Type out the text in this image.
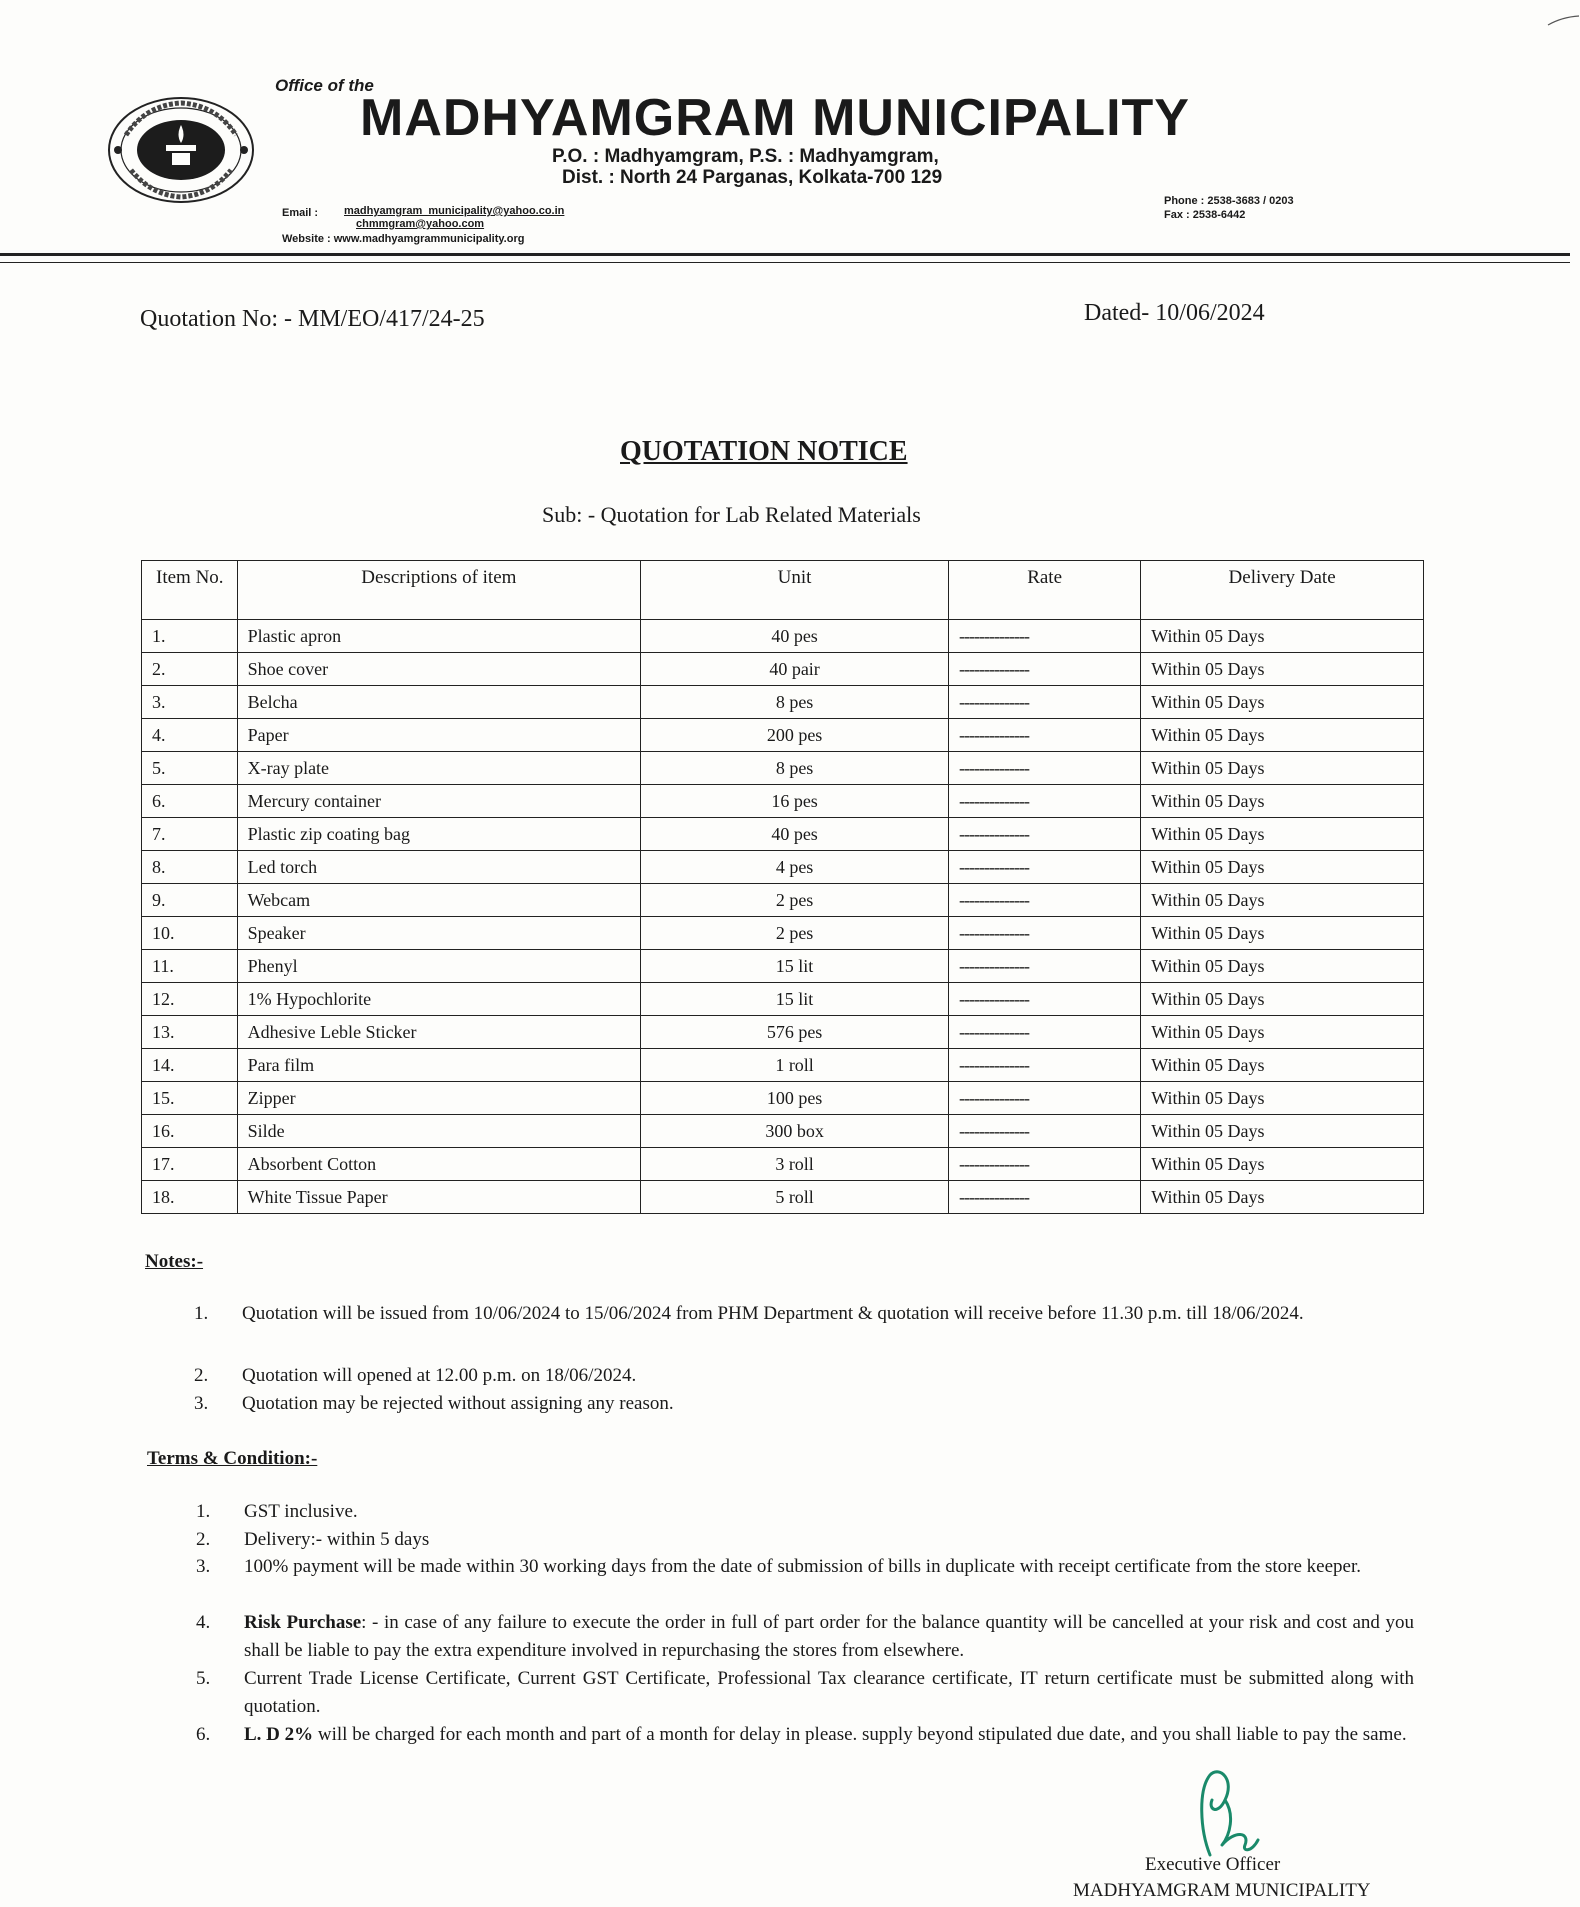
Office of the
MADHYAMGRAM MUNICIPALITY
P.O. : Madhyamgram, P.S. : Madhyamgram,
Dist. : North 24 Parganas, Kolkata-700 129
Email : madhyamgram_municipality@yahoo.co.in
chmmgram@yahoo.com
Website : www.madhyamgrammunicipality.org
Phone : 2538-3683 / 0203
Fax : 2538-6442
Quotation No: - MM/EO/417/24-25	Dated- 10/06/2024
QUOTATION NOTICE
Sub: - Quotation for Lab Related Materials
Item No.	Descriptions of item	Unit	Rate	Delivery Date
1.	Plastic apron	40 pes	--------------	Within 05 Days
2.	Shoe cover	40 pair	--------------	Within 05 Days
3.	Belcha	8 pes	--------------	Within 05 Days
4.	Paper	200 pes	--------------	Within 05 Days
5.	X-ray plate	8 pes	--------------	Within 05 Days
6.	Mercury container	16 pes	--------------	Within 05 Days
7.	Plastic zip coating bag	40 pes	--------------	Within 05 Days
8.	Led torch	4 pes	--------------	Within 05 Days
9.	Webcam	2 pes	--------------	Within 05 Days
10.	Speaker	2 pes	--------------	Within 05 Days
11.	Phenyl	15 lit	--------------	Within 05 Days
12.	1% Hypochlorite	15 lit	--------------	Within 05 Days
13.	Adhesive Leble Sticker	576 pes	--------------	Within 05 Days
14.	Para film	1 roll	--------------	Within 05 Days
15.	Zipper	100 pes	--------------	Within 05 Days
16.	Silde	300 box	--------------	Within 05 Days
17.	Absorbent Cotton	3 roll	--------------	Within 05 Days
18.	White Tissue Paper	5 roll	--------------	Within 05 Days
Notes:-
1.	Quotation will be issued from 10/06/2024 to 15/06/2024 from PHM Department & quotation will receive before 11.30 p.m. till 18/06/2024.
2.	Quotation will opened at 12.00 p.m. on 18/06/2024.
3.	Quotation may be rejected without assigning any reason.
Terms & Condition:-
1.	GST inclusive.
2.	Delivery:- within 5 days
3.	100% payment will be made within 30 working days from the date of submission of bills in duplicate with receipt certificate from the store keeper.
4.	Risk Purchase: - in case of any failure to execute the order in full of part order for the balance quantity will be cancelled at your risk and cost and you shall be liable to pay the extra expenditure involved in repurchasing the stores from elsewhere.
5.	Current Trade License Certificate, Current GST Certificate, Professional Tax clearance certificate, IT return certificate must be submitted along with quotation.
6.	L. D 2% will be charged for each month and part of a month for delay in please. supply beyond stipulated due date, and you shall liable to pay the same.
Executive Officer
MADHYAMGRAM MUNICIPALITY
